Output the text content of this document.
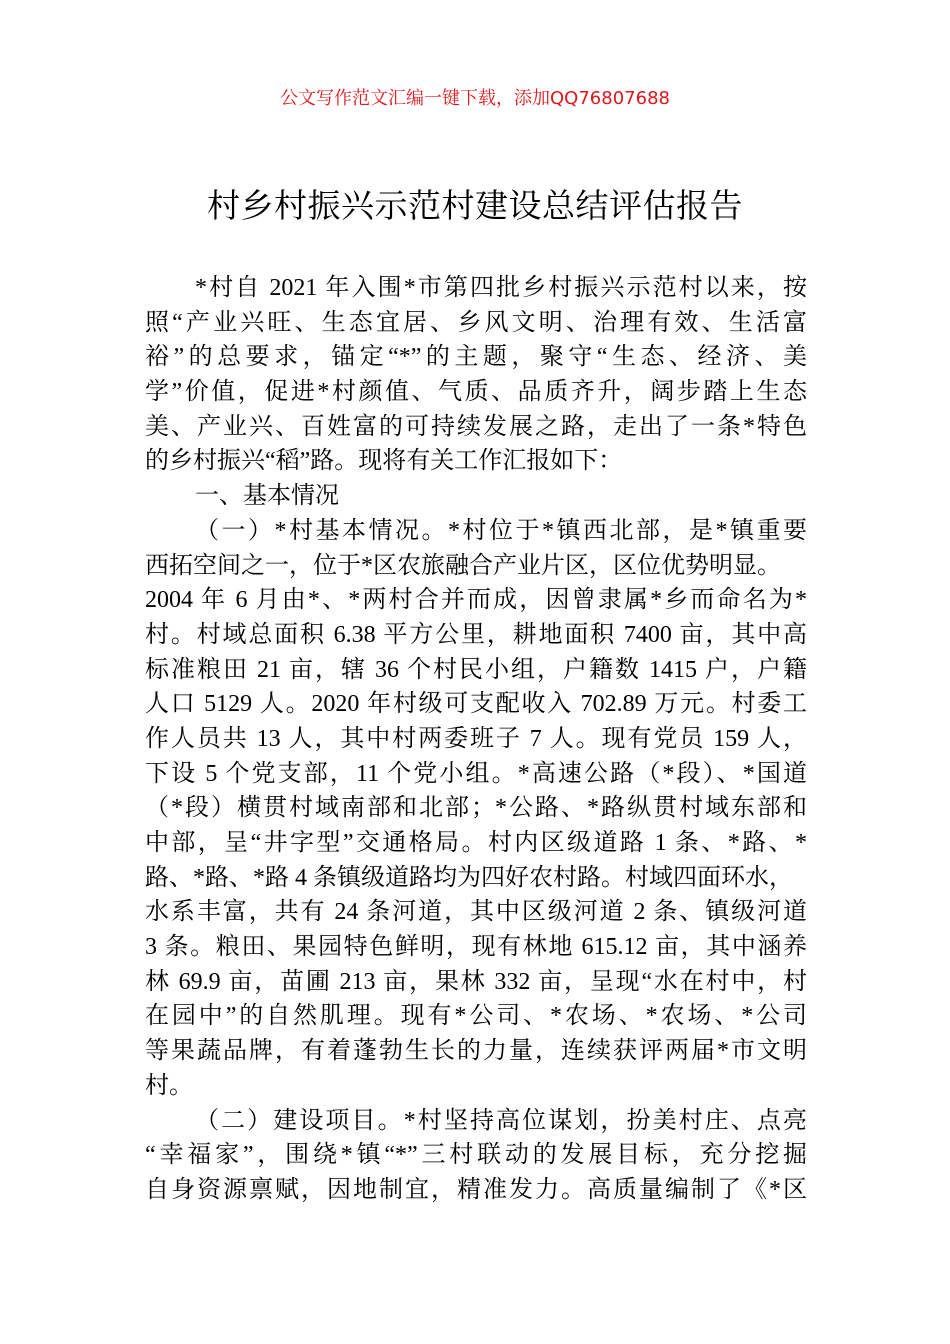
公文写作范文汇编一键下载，添加QQ76807688
村乡村振兴示范村建设总结评估报告
*村自 2021 年入围*市第四批乡村振兴示范村以来，按
照“产业兴旺、生态宜居、乡风文明、治理有效、生活富
裕”的总要求，锚定“*”的主题，聚守“生态、经济、美
学”价值，促进*村颜值、气质、品质齐升，阔步踏上生态
美、产业兴、百姓富的可持续发展之路，走出了一条*特色
的乡村振兴“稻”路。现将有关工作汇报如下：
一、基本情况
（一）*村基本情况。*村位于*镇西北部，是*镇重要
西拓空间之一，位于*区农旅融合产业片区，区位优势明显。
2004 年 6 月由*、*两村合并而成，因曾隶属*乡而命名为*
村。村域总面积 6.38 平方公里，耕地面积 7400 亩，其中高
标准粮田 21 亩，辖 36 个村民小组，户籍数 1415 户，户籍
人口 5129 人。2020 年村级可支配收入 702.89 万元。村委工
作人员共 13 人，其中村两委班子 7 人。现有党员 159 人，
下设 5 个党支部，11 个党小组。*高速公路（*段）、*国道
（*段）横贯村域南部和北部；*公路、*路纵贯村域东部和
中部，呈“井字型”交通格局。村内区级道路 1 条、*路、*
路、*路、*路 4 条镇级道路均为四好农村路。村域四面环水，
水系丰富，共有 24 条河道，其中区级河道 2 条、镇级河道
3 条。粮田、果园特色鲜明，现有林地 615.12 亩，其中涵养
林 69.9 亩，苗圃 213 亩，果林 332 亩，呈现“水在村中，村
在园中”的自然肌理。现有*公司、*农场、*农场、*公司
等果蔬品牌，有着蓬勃生长的力量，连续获评两届*市文明
村。
（二）建设项目。*村坚持高位谋划，扮美村庄、点亮
“幸福家”，围绕*镇“*”三村联动的发展目标，充分挖掘
自身资源禀赋，因地制宜，精准发力。高质量编制了《*区
